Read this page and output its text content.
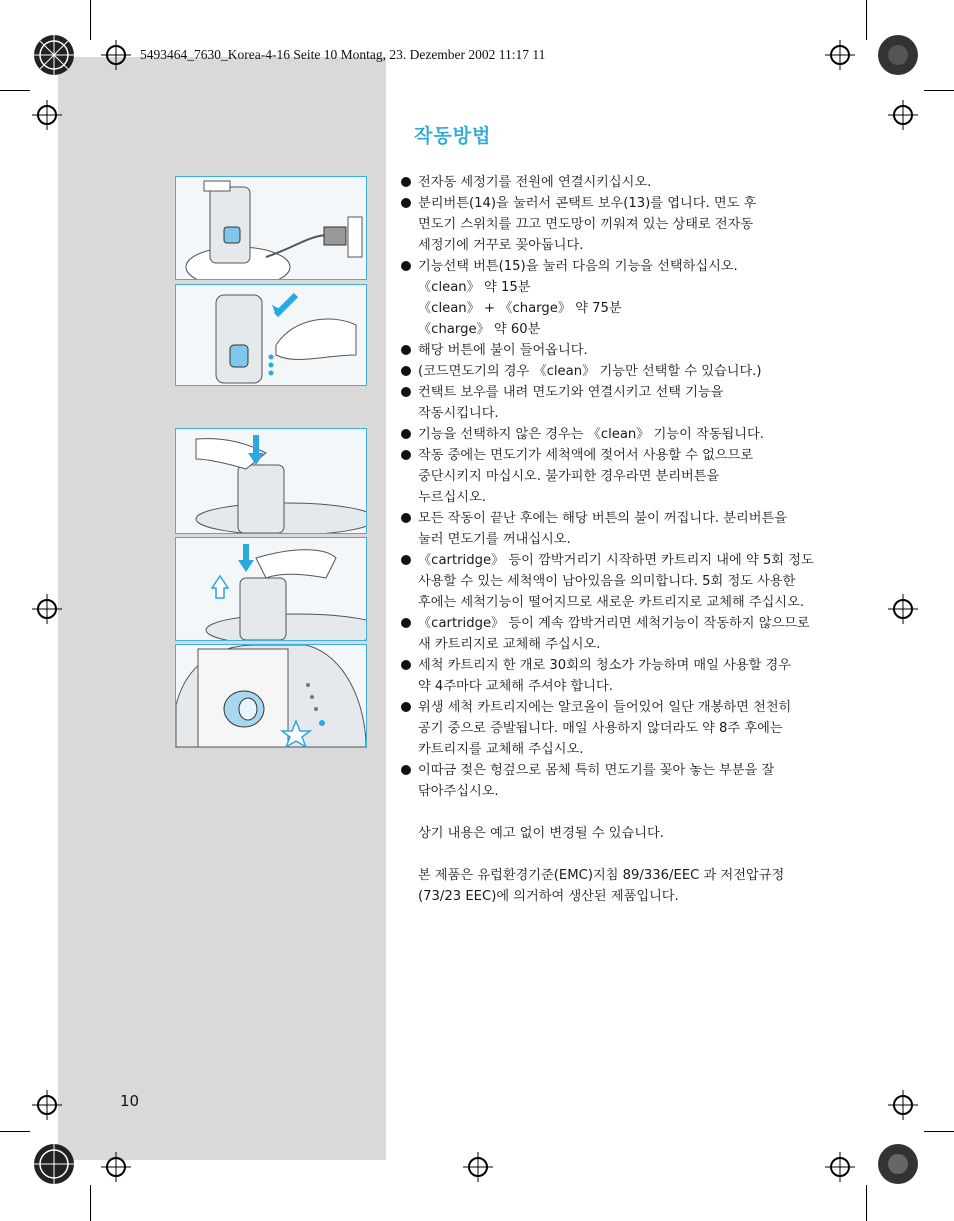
5493464_7630_Korea-4-16 Seite 10 Montag, 23. Dezember 2002 11:17 11
작동방법
전자동 세정기를 전원에 연결시키십시오.
분리버튼(14)을 눌러서 콘택트 보우(13)를 엽니다. 면도 후
면도기 스위치를 끄고 면도망이 끼워져 있는 상태로 전자동
세정기에 거꾸로 꽂아둡니다.
기능선택 버튼(15)을 눌러 다음의 기능을 선택하십시오.
《clean》 약 15분
《clean》 + 《charge》 약 75분
《charge》 약 60분
해당 버튼에 불이 들어옵니다.
(코드면도기의 경우 《clean》 기능만 선택할 수 있습니다.)
컨택트 보우를 내려 면도기와 연결시키고 선택 기능을
작동시킵니다.
기능을 선택하지 않은 경우는 《clean》 기능이 작동됩니다.
작동 중에는 면도기가 세척액에 젖어서 사용할 수 없으므로
중단시키지 마십시오. 불가피한 경우라면 분리버튼을
누르십시오.
모든 작동이 끝난 후에는 해당 버튼의 불이 꺼집니다. 분리버튼을
눌러 면도기를 꺼내십시오.
《cartridge》 등이 깜박거리기 시작하면 카트리지 내에 약 5회 정도
사용할 수 있는 세척액이 남아있음을 의미합니다. 5회 정도 사용한
후에는 세척기능이 떨어지므로 새로운 카트리지로 교체해 주십시오.
《cartridge》 등이 계속 깜박거리면 세척기능이 작동하지 않으므로
새 카트리지로 교체해 주십시오.
세척 카트리지 한 개로 30회의 청소가 가능하며 매일 사용할 경우
약 4주마다 교체해 주셔야 합니다.
위생 세척 카트리지에는 알코올이 들어있어 일단 개봉하면 천천히
공기 중으로 증발됩니다. 매일 사용하지 않더라도 약 8주 후에는
카트리지를 교체해 주십시오.
이따금 젖은 헝겊으로 몸체 특히 면도기를 꽂아 놓는 부분을 잘
닦아주십시오.

상기 내용은 예고 없이 변경될 수 있습니다.

본 제품은 유럽환경기준(EMC)지침 89/336/EEC 과 저전압규정
(73/23 EEC)에 의거하여 생산된 제품입니다.

10
